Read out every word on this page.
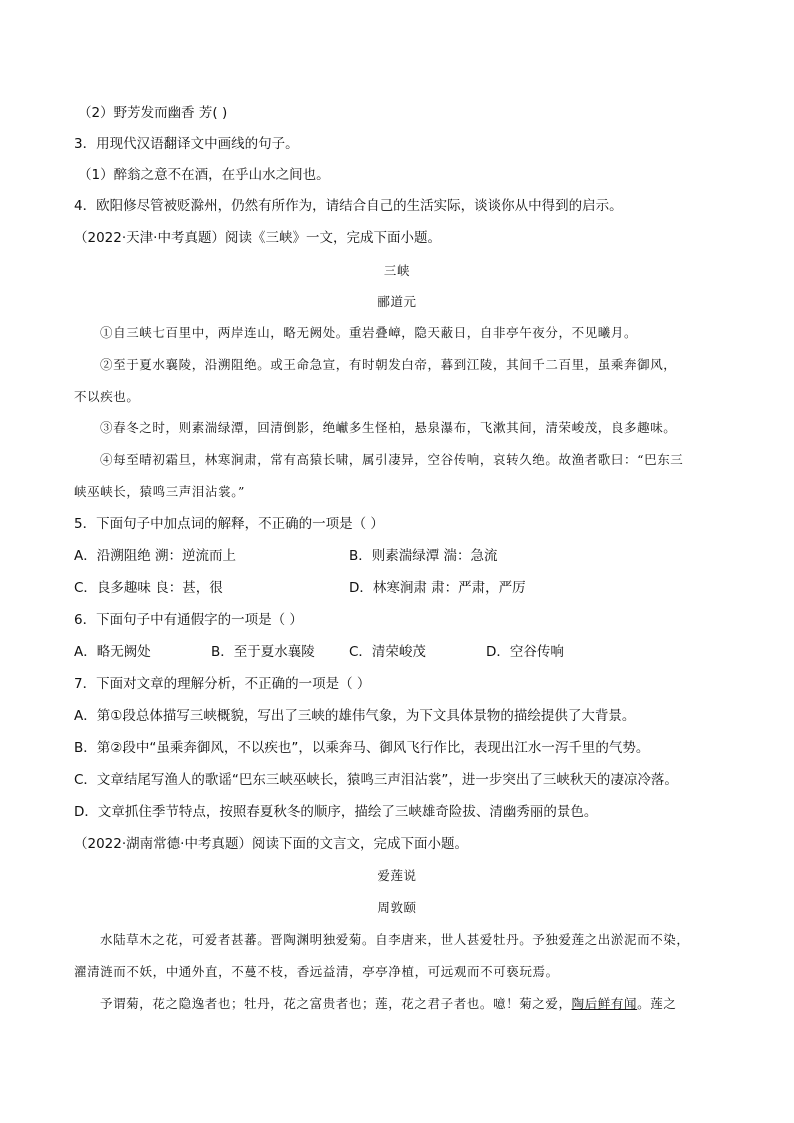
（2）野芳发而幽香 芳( )
3．用现代汉语翻译文中画线的句子。
（1）醉翁之意不在酒，在乎山水之间也。
4．欧阳修尽管被贬滁州，仍然有所作为，请结合自己的生活实际，谈谈你从中得到的启示。
（2022·天津·中考真题）阅读《三峡》一文，完成下面小题。
三峡
郦道元
①自三峡七百里中，两岸连山，略无阙处。重岩叠嶂，隐天蔽日，自非亭午夜分，不见曦月。
②至于夏水襄陵，沿溯阻绝。或王命急宣，有时朝发白帝，暮到江陵，其间千二百里，虽乘奔御风，
不以疾也。
③春冬之时，则素湍绿潭，回清倒影，绝𪩘多生怪柏，悬泉瀑布，飞漱其间，清荣峻茂，良多趣味。
④每至晴初霜旦，林寒涧肃，常有高猿长啸，属引凄异，空谷传响，哀转久绝。故渔者歌曰：“巴东三
峡巫峡长，猿鸣三声泪沾裳。”
5．下面句子中加点词的解释，不正确的一项是（ ）
A．沿溯阻绝 溯：逆流而上	B．则素湍绿潭 湍：急流
C．良多趣味 良：甚，很	D．林寒涧肃 肃：严肃，严厉
6．下面句子中有通假字的一项是（ ）
A．略无阙处	B．至于夏水襄陵	C．清荣峻茂	D．空谷传响
7．下面对文章的理解分析，不正确的一项是（ ）
A．第①段总体描写三峡概貌，写出了三峡的雄伟气象，为下文具体景物的描绘提供了大背景。
B．第②段中“虽乘奔御风，不以疾也”，以乘奔马、御风飞行作比，表现出江水一泻千里的气势。
C．文章结尾写渔人的歌谣“巴东三峡巫峡长，猿鸣三声泪沾裳”，进一步突出了三峡秋天的凄凉冷落。
D．文章抓住季节特点，按照春夏秋冬的顺序，描绘了三峡雄奇险拔、清幽秀丽的景色。
（2022·湖南常德·中考真题）阅读下面的文言文，完成下面小题。
爱莲说
周敦颐
水陆草木之花，可爱者甚蕃。晋陶渊明独爱菊。自李唐来，世人甚爱牡丹。予独爱莲之出淤泥而不染，
濯清涟而不妖，中通外直，不蔓不枝，香远益清，亭亭净植，可远观而不可亵玩焉。
予谓菊，花之隐逸者也；牡丹，花之富贵者也；莲，花之君子者也。噫！菊之爱，陶后鲜有闻。莲之
